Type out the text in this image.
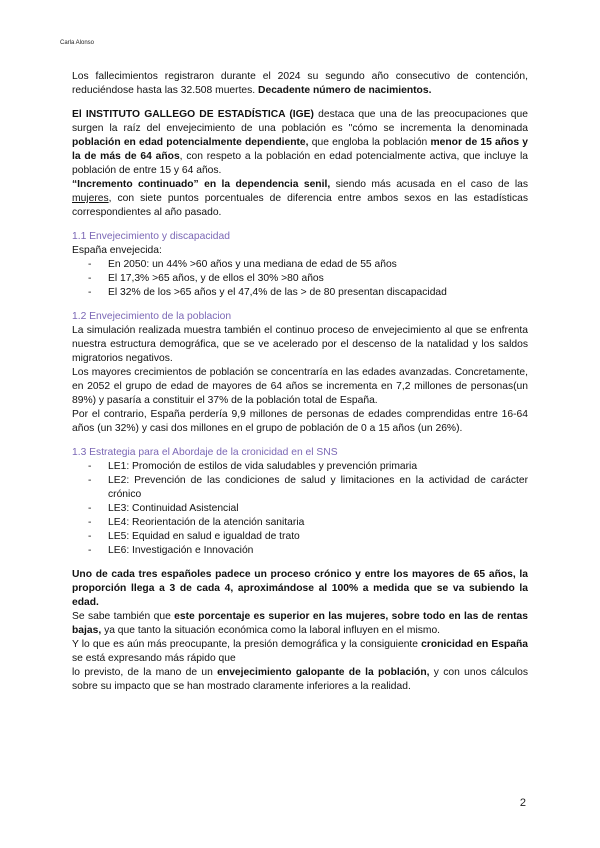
Carla Alonso

Los fallecimientos registraron durante el 2024 su segundo año consecutivo de contención, reduciéndose hasta las 32.508 muertes. Decadente número de nacimientos.

El INSTITUTO GALLEGO DE ESTADÍSTICA (IGE) destaca que una de las preocupaciones que surgen la raíz del envejecimiento de una población es "cómo se incrementa la denominada población en edad potencialmente dependiente, que engloba la población menor de 15 años y la de más de 64 años, con respeto a la población en edad potencialmente activa, que incluye la población de entre 15 y 64 años.

“Incremento continuado” en la dependencia senil, siendo más acusada en el caso de las mujeres, con siete puntos porcentuales de diferencia entre ambos sexos en las estadísticas correspondientes al año pasado.

1.1 Envejecimiento y discapacidad

España envejecida:

- En 2050: un 44% >60 años y una mediana de edad de 55 años
- El 17,3% >65 años, y de ellos el 30% >80 años
- El 32% de los >65 años y el 47,4% de las > de 80 presentan discapacidad
1.2 Envejecimiento de la poblacion

La simulación realizada muestra también el continuo proceso de envejecimiento al que se enfrenta nuestra estructura demográfica, que se ve acelerado por el descenso de la natalidad y los saldos migratorios negativos.

Los mayores crecimientos de población se concentraría en las edades avanzadas. Concretamente, en 2052 el grupo de edad de mayores de 64 años se incrementa en 7,2 millones de personas(un 89%) y pasaría a constituir el 37% de la población total de España.

Por el contrario, España perdería 9,9 millones de personas de edades comprendidas entre 16-64 años (un 32%) y casi dos millones en el grupo de población de 0 a 15 años (un 26%).

1.3 Estrategia para el Abordaje de la cronicidad en el SNS
- LE1: Promoción de estilos de vida saludables y prevención primaria
- LE2: Prevención de las condiciones de salud y limitaciones en la actividad de carácter crónico
- LE3: Continuidad Asistencial
- LE4: Reorientación de la atención sanitaria
- LE5: Equidad en salud e igualdad de trato
- LE6: Investigación e Innovación

Uno de cada tres españoles padece un proceso crónico y entre los mayores de 65 años, la proporción llega a 3 de cada 4, aproximándose al 100% a medida que se va subiendo la edad.

Se sabe también que este porcentaje es superior en las mujeres, sobre todo en las de rentas bajas, ya que tanto la situación económica como la laboral influyen en el mismo.

Y lo que es aún más preocupante, la presión demográfica y la consiguiente cronicidad en España se está expresando más rápido que

lo previsto, de la mano de un envejecimiento galopante de la población, y con unos cálculos sobre su impacto que se han mostrado claramente inferiores a la realidad.

2
